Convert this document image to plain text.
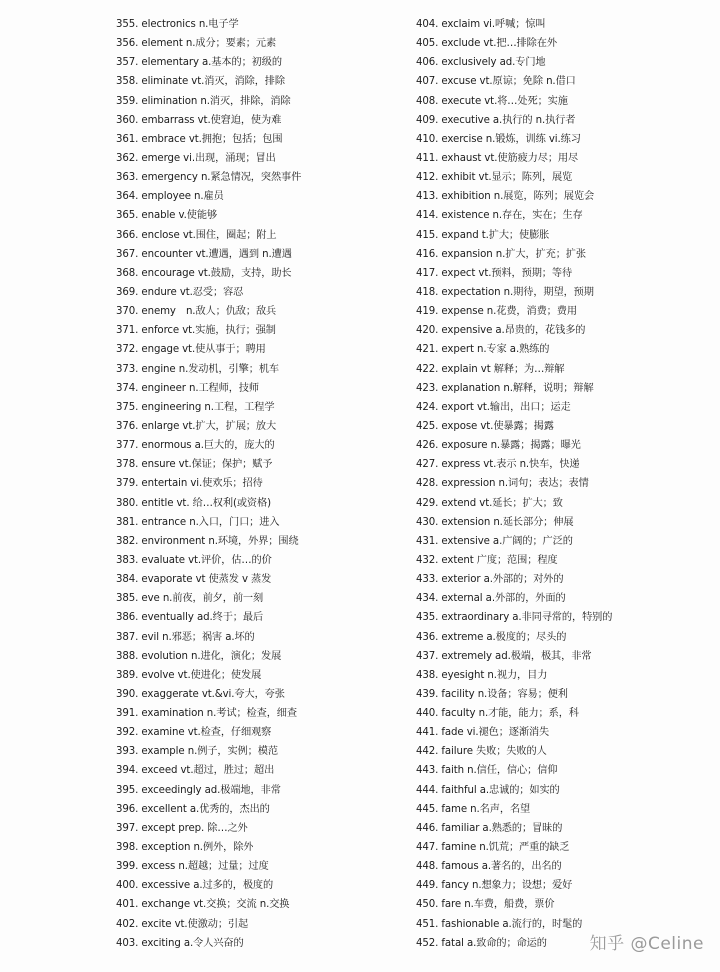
355. electronics n.电子学
356. element n.成分；要素；元素
357. elementary a.基本的；初级的
358. eliminate vt.消灭，消除，排除
359. elimination n.消灭，排除，消除
360. embarrass vt.使窘迫，使为难
361. embrace vt.拥抱；包括；包围
362. emerge vi.出现，涌现；冒出
363. emergency n.紧急情况，突然事件
364. employee n.雇员
365. enable v.使能够
366. enclose vt.围住，圈起；附上
367. encounter vt.遭遇，遇到 n.遭遇
368. encourage vt.鼓励，支持，助长
369. endure vt.忍受；容忍
370. enemy　n.敌人；仇敌；敌兵
371. enforce vt.实施，执行；强制
372. engage vt.使从事于；聘用
373. engine n.发动机，引擎；机车
374. engineer n.工程师，技师
375. engineering n.工程，工程学
376. enlarge vt.扩大，扩展；放大
377. enormous a.巨大的，庞大的
378. ensure vt.保证；保护；赋予
379. entertain vi.使欢乐；招待
380. entitle vt. 给…权利(或资格)
381. entrance n.入口，门口；进入
382. environment n.环境，外界；围绕
383. evaluate vt.评价，估…的价
384. evaporate vt 使蒸发 v 蒸发
385. eve n.前夜，前夕，前一刻
386. eventually ad.终于；最后
387. evil n.邪恶；祸害 a.坏的
388. evolution n.进化，演化；发展
389. evolve vt.使进化；使发展
390. exaggerate vt.&vi.夸大，夸张
391. examination n.考试；检查，细查
392. examine vt.检查，仔细观察
393. example n.例子，实例；模范
394. exceed vt.超过，胜过；超出
395. exceedingly ad.极端地，非常
396. excellent a.优秀的，杰出的
397. except prep. 除…之外
398. exception n.例外，除外
399. excess n.超越；过量；过度
400. excessive a.过多的，极度的
401. exchange vt.交换；交流 n.交换
402. excite vt.使激动；引起
403. exciting a.令人兴奋的
404. exclaim vi.呼喊；惊叫
405. exclude vt.把…排除在外
406. exclusively ad.专门地
407. excuse vt.原谅；免除 n.借口
408. execute vt.将…处死；实施
409. executive a.执行的 n.执行者
410. exercise n.锻炼，训练 vi.练习
411. exhaust vt.使筋疲力尽；用尽
412. exhibit vt.显示；陈列，展览
413. exhibition n.展览，陈列；展览会
414. existence n.存在，实在；生存
415. expand t.扩大；使膨胀
416. expansion n.扩大，扩充；扩张
417. expect vt.预料，预期；等待
418. expectation n.期待，期望，预期
419. expense n.花费，消费；费用
420. expensive a.昂贵的，花钱多的
421. expert n.专家 a.熟练的
422. explain vt 解释；为…辩解
423. explanation n.解释，说明；辩解
424. export vt.输出，出口；运走
425. expose vt.使暴露；揭露
426. exposure n.暴露；揭露；曝光
427. express vt.表示 n.快车，快递
428. expression n.词句；表达；表情
429. extend vt.延长；扩大；致
430. extension n.延长部分；伸展
431. extensive a.广阔的；广泛的
432. extent 广度；范围；程度
433. exterior a.外部的；对外的
434. external a.外部的，外面的
435. extraordinary a.非同寻常的，特别的
436. extreme a.极度的；尽头的
437. extremely ad.极端，极其，非常
438. eyesight n.视力，目力
439. facility n.设备；容易；便利
440. faculty n.才能，能力；系，科
441. fade vi.褪色；逐渐消失
442. failure 失败；失败的人
443. faith n.信任，信心；信仰
444. faithful a.忠诚的；如实的
445. fame n.名声，名望
446. familiar a.熟悉的；冒昧的
447. famine n.饥荒；严重的缺乏
448. famous a.著名的，出名的
449. fancy n.想象力；设想；爱好
450. fare n.车费，船费，票价
451. fashionable a.流行的，时髦的
452. fatal a.致命的；命运的	知乎 @Celine
